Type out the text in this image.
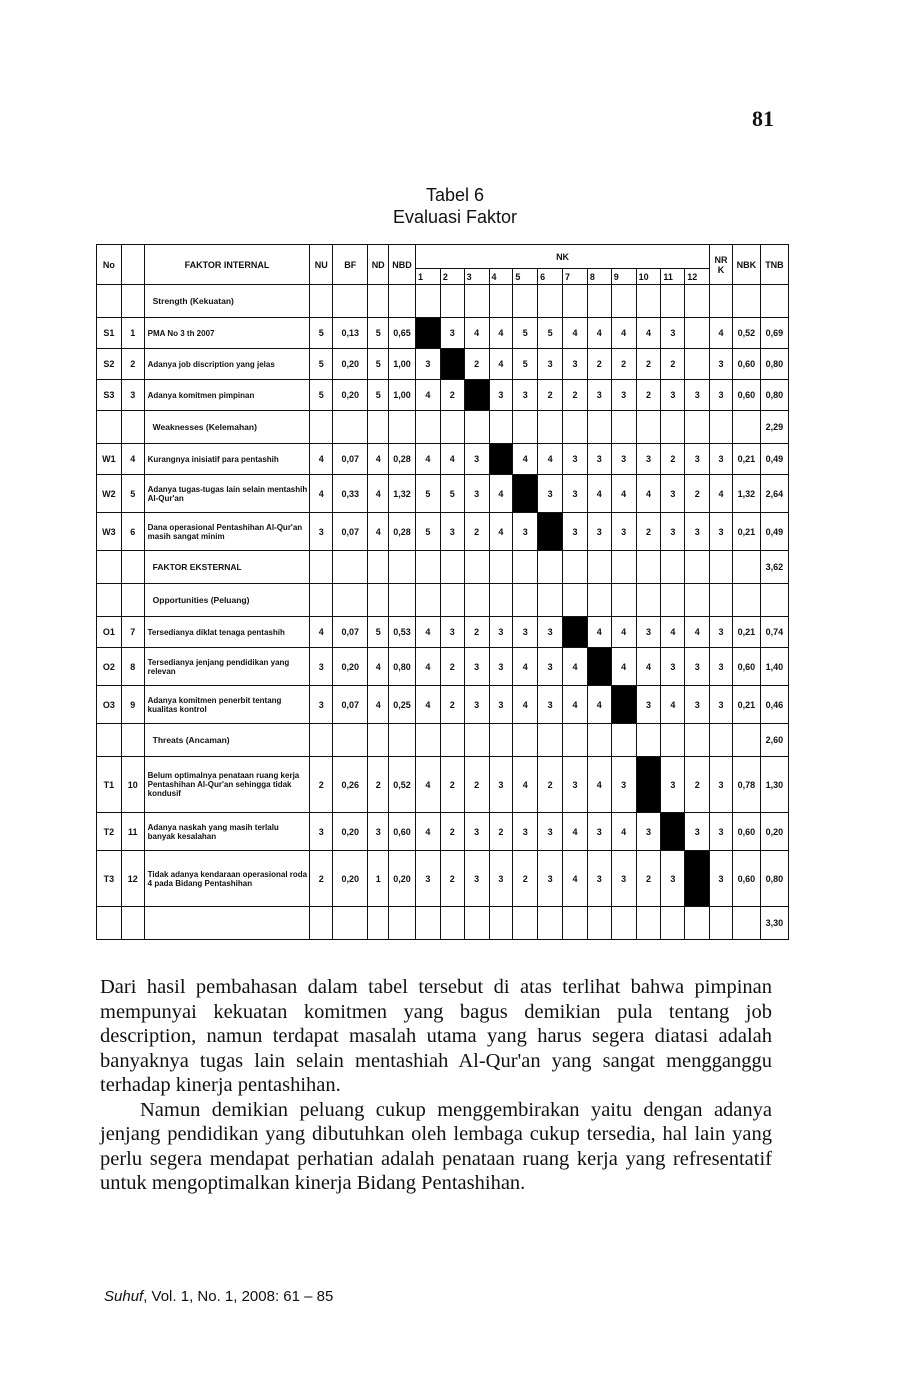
81
Tabel 6
Evaluasi Faktor
No		FAKTOR INTERNAL	NU	BF	ND	NBD	NK												NR K	NBK	TNB
							1	2	3	4	5	6	7	8	9	10	11	12			
		Strength (Kekuatan)																			
S1	1	PMA No 3 th 2007	5	0,13	5	0,65		3	4	4	5	5	4	4	4	4	3		4	0,52	0,69
S2	2	Adanya job discription yang jelas	5	0,20	5	1,00	3		2	4	5	3	3	2	2	2	2		3	0,60	0,80
S3	3	Adanya komitmen pimpinan	5	0,20	5	1,00	4	2		3	3	2	2	3	3	2	3	3	3	0,60	0,80
		Weaknesses (Kelemahan)																			2,29
W1	4	Kurangnya inisiatif para pentashih	4	0,07	4	0,28	4	4	3		4	4	3	3	3	3	2	3	3	0,21	0,49
W2	5	Adanya tugas-tugas lain selain mentashih Al-Qur'an	4	0,33	4	1,32	5	5	3	4		3	3	4	4	4	3	2	4	1,32	2,64
W3	6	Dana operasional Pentashihan Al-Qur'an masih sangat minim	3	0,07	4	0,28	5	3	2	4	3		3	3	3	2	3	3	3	0,21	0,49
		FAKTOR EKSTERNAL																			3,62
		Opportunities (Peluang)																			
O1	7	Tersedianya diklat tenaga pentashih	4	0,07	5	0,53	4	3	2	3	3	3		4	4	3	4	4	3	0,21	0,74
O2	8	Tersedianya jenjang pendidikan yang relevan	3	0,20	4	0,80	4	2	3	3	4	3	4		4	4	3	3	3	0,60	1,40
O3	9	Adanya komitmen penerbit tentang kualitas kontrol	3	0,07	4	0,25	4	2	3	3	4	3	4	4		3	4	3	3	0,21	0,46
		Threats (Ancaman)																			2,60
T1	10	Belum optimalnya penataan ruang kerja Pentashihan Al-Qur'an sehingga tidak kondusif	2	0,26	2	0,52	4	2	2	3	4	2	3	4	3		3	2	3	0,78	1,30
T2	11	Adanya naskah yang masih terlalu banyak kesalahan	3	0,20	3	0,60	4	2	3	2	3	3	4	3	4	3		3	3	0,60	0,20
T3	12	Tidak adanya kendaraan operasional roda 4 pada Bidang Pentashihan	2	0,20	1	0,20	3	2	3	3	2	3	4	3	3	2	3		3	0,60	0,80
																					3,30

Dari hasil pembahasan dalam tabel tersebut di atas terlihat bahwa pimpinan mempunyai kekuatan komitmen yang bagus demikian pula tentang job description, namun terdapat masalah utama yang harus segera diatasi adalah banyaknya tugas lain selain mentashiah Al-Qur'an yang sangat mengganggu terhadap kinerja pentashihan.

Namun demikian peluang cukup menggembirakan yaitu dengan adanya jenjang pendidikan yang dibutuhkan oleh lembaga cukup tersedia, hal lain yang perlu segera mendapat perhatian adalah penataan ruang kerja yang refresentatif untuk mengoptimalkan kinerja Bidang Pentashihan.

Suhuf, Vol. 1, No. 1, 2008: 61 – 85
